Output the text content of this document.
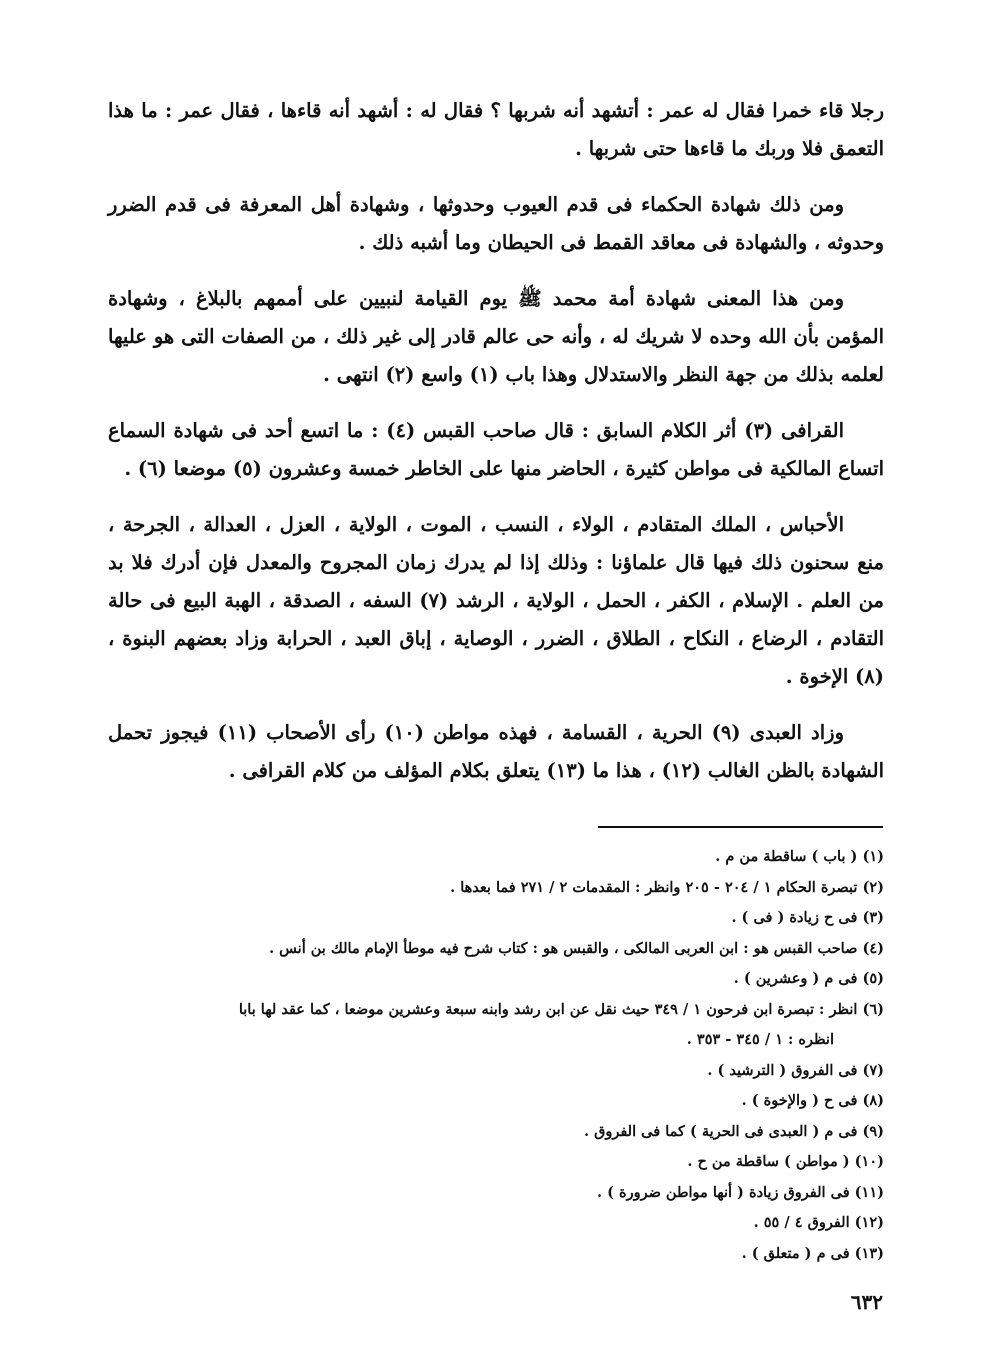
رجلا قاء خمرا فقال له عمر : أتشهد أنه شربها ؟ فقال له : أشهد أنه قاءها ، فقال عمر : ما هذا التعمق فلا وربك ما قاءها حتى شربها .

ومن ذلك شهادة الحكماء فى قدم العيوب وحدوثها ، وشهادة أهل المعرفة فى قدم الضرر وحدوثه ، والشهادة فى معاقد القمط فى الحيطان وما أشبه ذلك .

ومن هذا المعنى شهادة أمة محمد ﷺ يوم القيامة لنبيين على أممهم بالبلاغ ، وشهادة المؤمن بأن الله وحده لا شريك له ، وأنه حى عالم قادر إلى غير ذلك ، من الصفات التى هو عليها لعلمه بذلك من جهة النظر والاستدلال وهذا باب (١) واسع (٢) انتهى .

القرافى (٣) أثر الكلام السابق : قال صاحب القبس (٤) : ما اتسع أحد فى شهادة السماع اتساع المالكية فى مواطن كثيرة ، الحاضر منها على الخاطر خمسة وعشرون (٥) موضعا (٦) .

الأحباس ، الملك المتقادم ، الولاء ، النسب ، الموت ، الولاية ، العزل ، العدالة ، الجرحة ، منع سحنون ذلك فيها قال علماؤنا : وذلك إذا لم يدرك زمان المجروح والمعدل فإن أدرك فلا بد من العلم . الإسلام ، الكفر ، الحمل ، الولاية ، الرشد (٧) السفه ، الصدقة ، الهبة البيع فى حالة التقادم ، الرضاع ، النكاح ، الطلاق ، الضرر ، الوصاية ، إباق العبد ، الحرابة وزاد بعضهم البنوة ، (٨) الإخوة .

وزاد العبدى (٩) الحرية ، القسامة ، فهذه مواطن (١٠) رأى الأصحاب (١١) فيجوز تحمل الشهادة بالظن الغالب (١٢) ، هذا ما (١٣) يتعلق بكلام المؤلف من كلام القرافى .

(١) ( باب ) ساقطة من م .

(٢) تبصرة الحكام ١ / ٢٠٤ - ٢٠٥ وانظر : المقدمات ٢ / ٢٧١ فما بعدها .

(٣) فى ح زيادة ( فى ) .

(٤) صاحب القبس هو : ابن العربى المالكى ، والقبس هو : كتاب شرح فيه موطأ الإمام مالك بن أنس .

(٥) فى م ( وعشرين ) .

(٦) انظر : تبصرة ابن فرحون ١ / ٣٤٩ حيث نقل عن ابن رشد وابنه سبعة وعشرين موضعا ، كما عقد لها بابا

انظره : ١ / ٣٤٥ - ٣٥٣ .

(٧) فى الفروق ( الترشيد ) .

(٨) فى ح ( والإخوة ) .

(٩) فى م ( العبدى فى الحرية ) كما فى الفروق .

(١٠) ( مواطن ) ساقطة من ح .

(١١) فى الفروق زيادة ( أنها مواطن ضرورة ) .

(١٢) الفروق ٤ / ٥٥ .

(١٣) فى م ( متعلق ) .

٦٣٢
